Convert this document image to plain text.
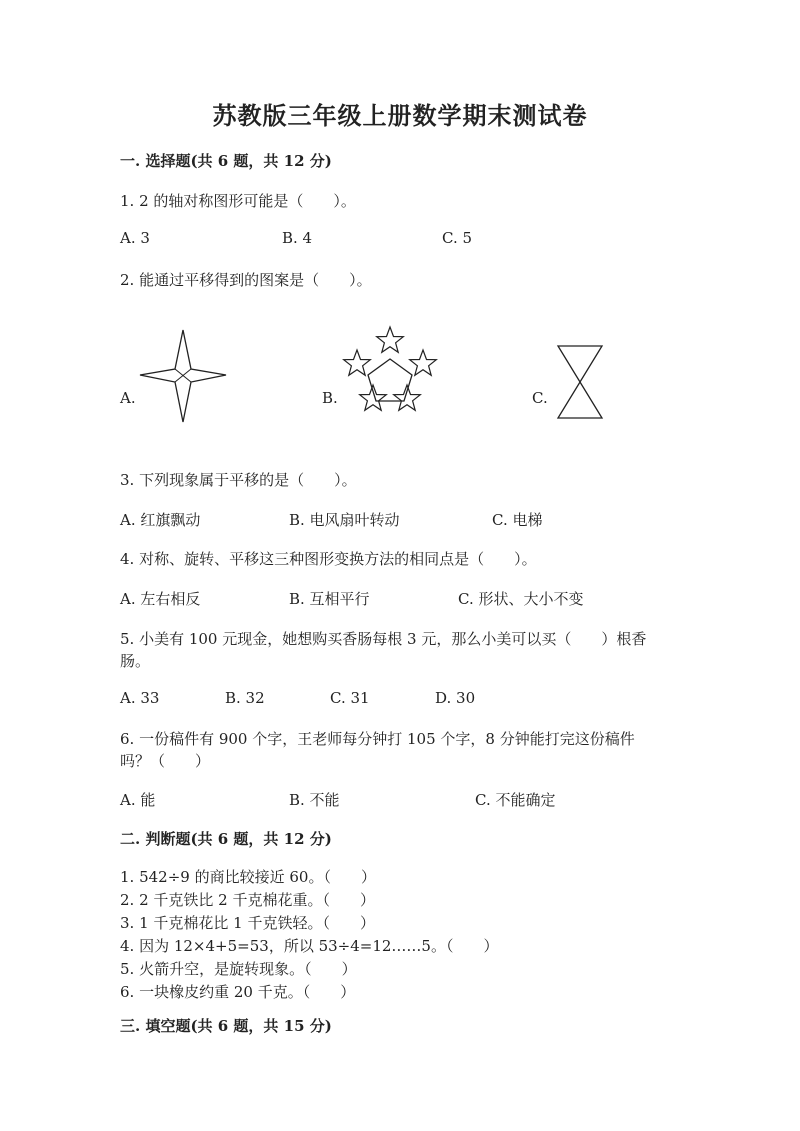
苏教版三年级上册数学期末测试卷
一. 选择题(共 6 题，共 12 分)
1. 2 的轴对称图形可能是（　　）。
A. 3	B. 4	C. 5
2. 能通过平移得到的图案是（　　）。
A.	B.	C.
3. 下列现象属于平移的是（　　）。
A. 红旗飘动	B. 电风扇叶转动	C. 电梯
4. 对称、旋转、平移这三种图形变换方法的相同点是（　　）。
A. 左右相反	B. 互相平行	C. 形状、大小不变
5. 小美有 100 元现金，她想购买香肠每根 3 元，那么小美可以买（　　）根香
肠。
A. 33	B. 32	C. 31	D. 30
6. 一份稿件有 900 个字，王老师每分钟打 105 个字，8 分钟能打完这份稿件
吗？（　　）
A. 能	B. 不能	C. 不能确定
二. 判断题(共 6 题，共 12 分)
1. 542÷9 的商比较接近 60。（　　）
2. 2 千克铁比 2 千克棉花重。（　　）
3. 1 千克棉花比 1 千克铁轻。（　　）
4. 因为 12×4+5=53，所以 53÷4=12……5。（　　）
5. 火箭升空，是旋转现象。（　　）
6. 一块橡皮约重 20 千克。（　　）
三. 填空题(共 6 题，共 15 分)
